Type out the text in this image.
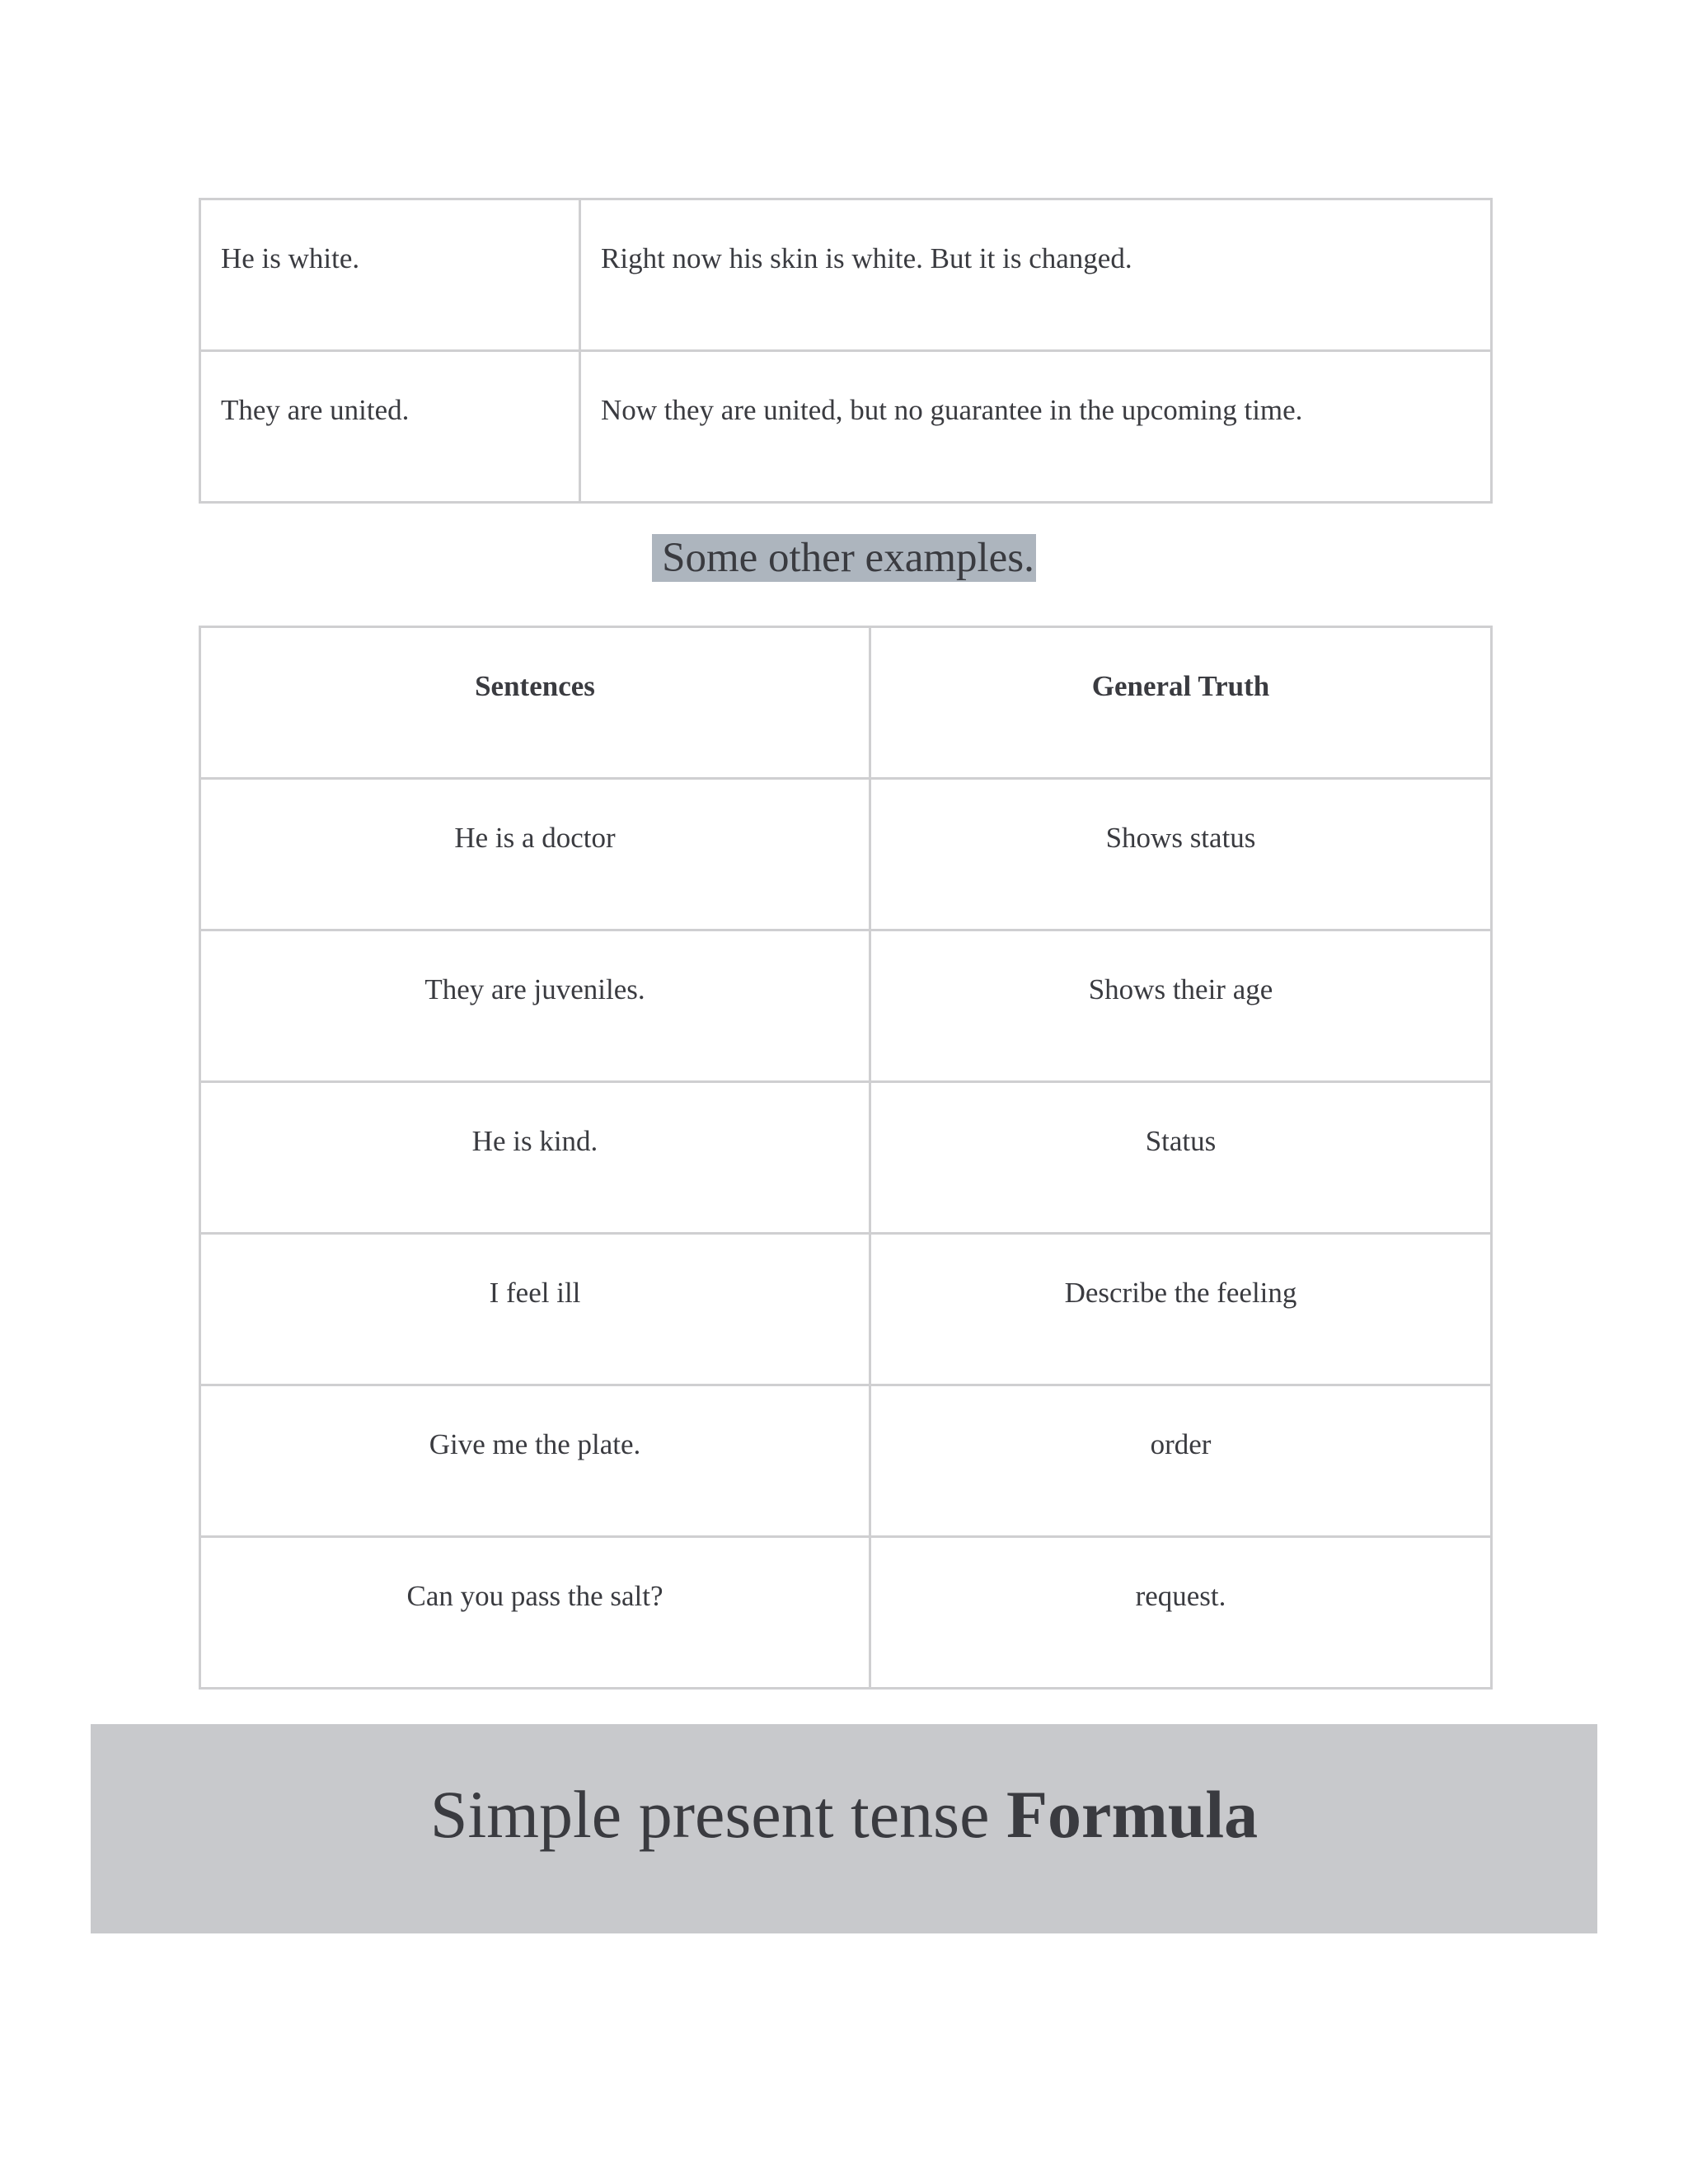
He is white.	Right now his skin is white. But it is changed.
They are united.	Now they are united, but no guarantee in the upcoming time.
Some other examples.
Sentences	General Truth
He is a doctor	Shows status
They are juveniles.	Shows their age
He is kind.	Status
I feel ill	Describe the feeling
Give me the plate.	order
Can you pass the salt?	request.
Simple present tense Formula
